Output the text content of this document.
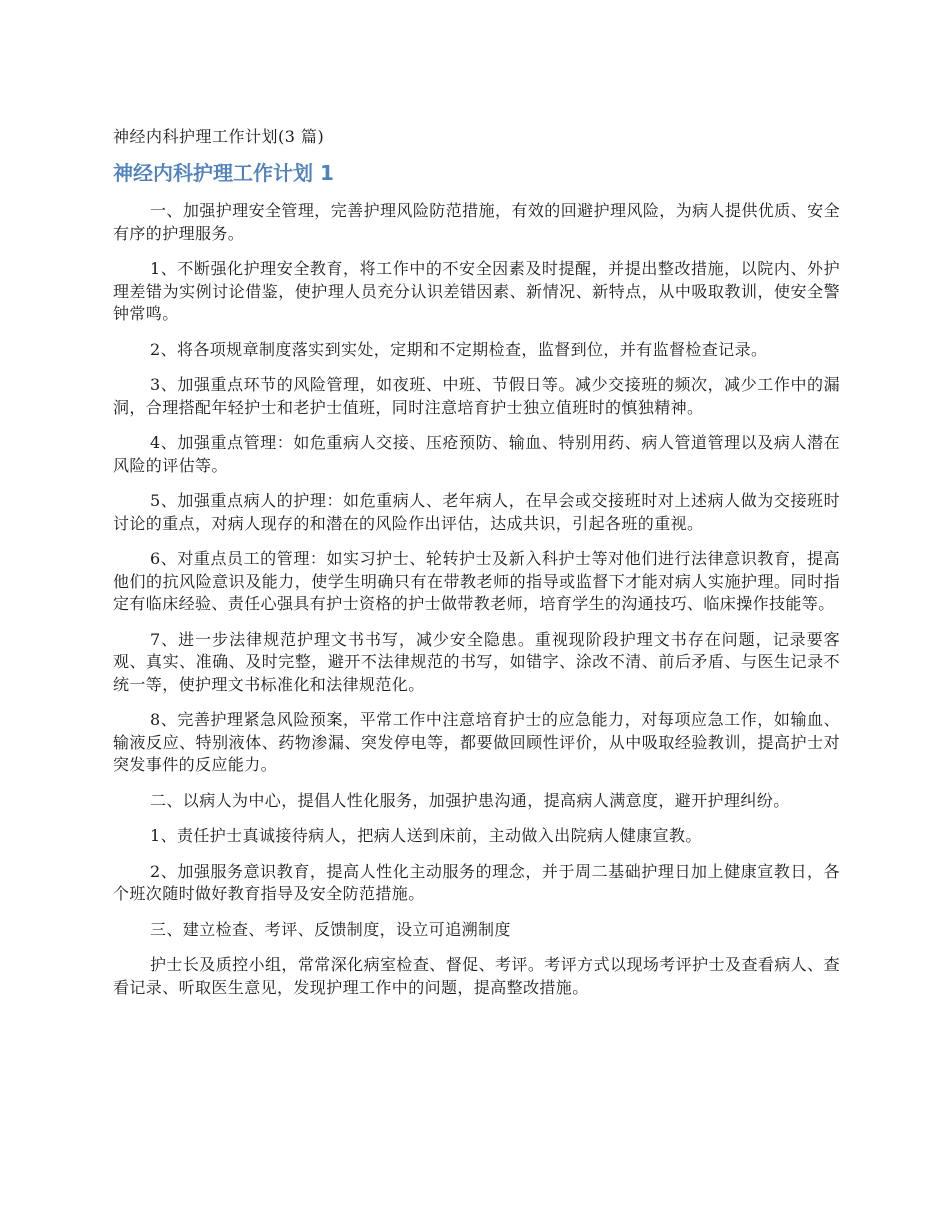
神经内科护理工作计划(3 篇)
神经内科护理工作计划 1

一、加强护理安全管理，完善护理风险防范措施，有效的回避护理风险，为病人提供优质、安全有序的护理服务。

1、不断强化护理安全教育，将工作中的不安全因素及时提醒，并提出整改措施，以院内、外护理差错为实例讨论借鉴，使护理人员充分认识差错因素、新情况、新特点，从中吸取教训，使安全警钟常鸣。

2、将各项规章制度落实到实处，定期和不定期检查，监督到位，并有监督检查记录。

3、加强重点环节的风险管理，如夜班、中班、节假日等。减少交接班的频次，减少工作中的漏洞，合理搭配年轻护士和老护士值班，同时注意培育护士独立值班时的慎独精神。

4、加强重点管理：如危重病人交接、压疮预防、输血、特别用药、病人管道管理以及病人潜在风险的评估等。

5、加强重点病人的护理：如危重病人、老年病人，在早会或交接班时对上述病人做为交接班时讨论的重点，对病人现存的和潜在的风险作出评估，达成共识，引起各班的重视。

6、对重点员工的管理：如实习护士、轮转护士及新入科护士等对他们进行法律意识教育，提高他们的抗风险意识及能力，使学生明确只有在带教老师的指导或监督下才能对病人实施护理。同时指定有临床经验、责任心强具有护士资格的护士做带教老师，培育学生的沟通技巧、临床操作技能等。

7、进一步法律规范护理文书书写，减少安全隐患。重视现阶段护理文书存在问题，记录要客观、真实、准确、及时完整，避开不法律规范的书写，如错字、涂改不清、前后矛盾、与医生记录不统一等，使护理文书标准化和法律规范化。

8、完善护理紧急风险预案，平常工作中注意培育护士的应急能力，对每项应急工作，如输血、输液反应、特别液体、药物渗漏、突发停电等，都要做回顾性评价，从中吸取经验教训，提高护士对突发事件的反应能力。

二、以病人为中心，提倡人性化服务，加强护患沟通，提高病人满意度，避开护理纠纷。

1、责任护士真诚接待病人，把病人送到床前，主动做入出院病人健康宣教。

2、加强服务意识教育，提高人性化主动服务的理念，并于周二基础护理日加上健康宣教日，各个班次随时做好教育指导及安全防范措施。

三、建立检查、考评、反馈制度，设立可追溯制度

护士长及质控小组，常常深化病室检查、督促、考评。考评方式以现场考评护士及查看病人、查看记录、听取医生意见，发现护理工作中的问题，提高整改措施。
